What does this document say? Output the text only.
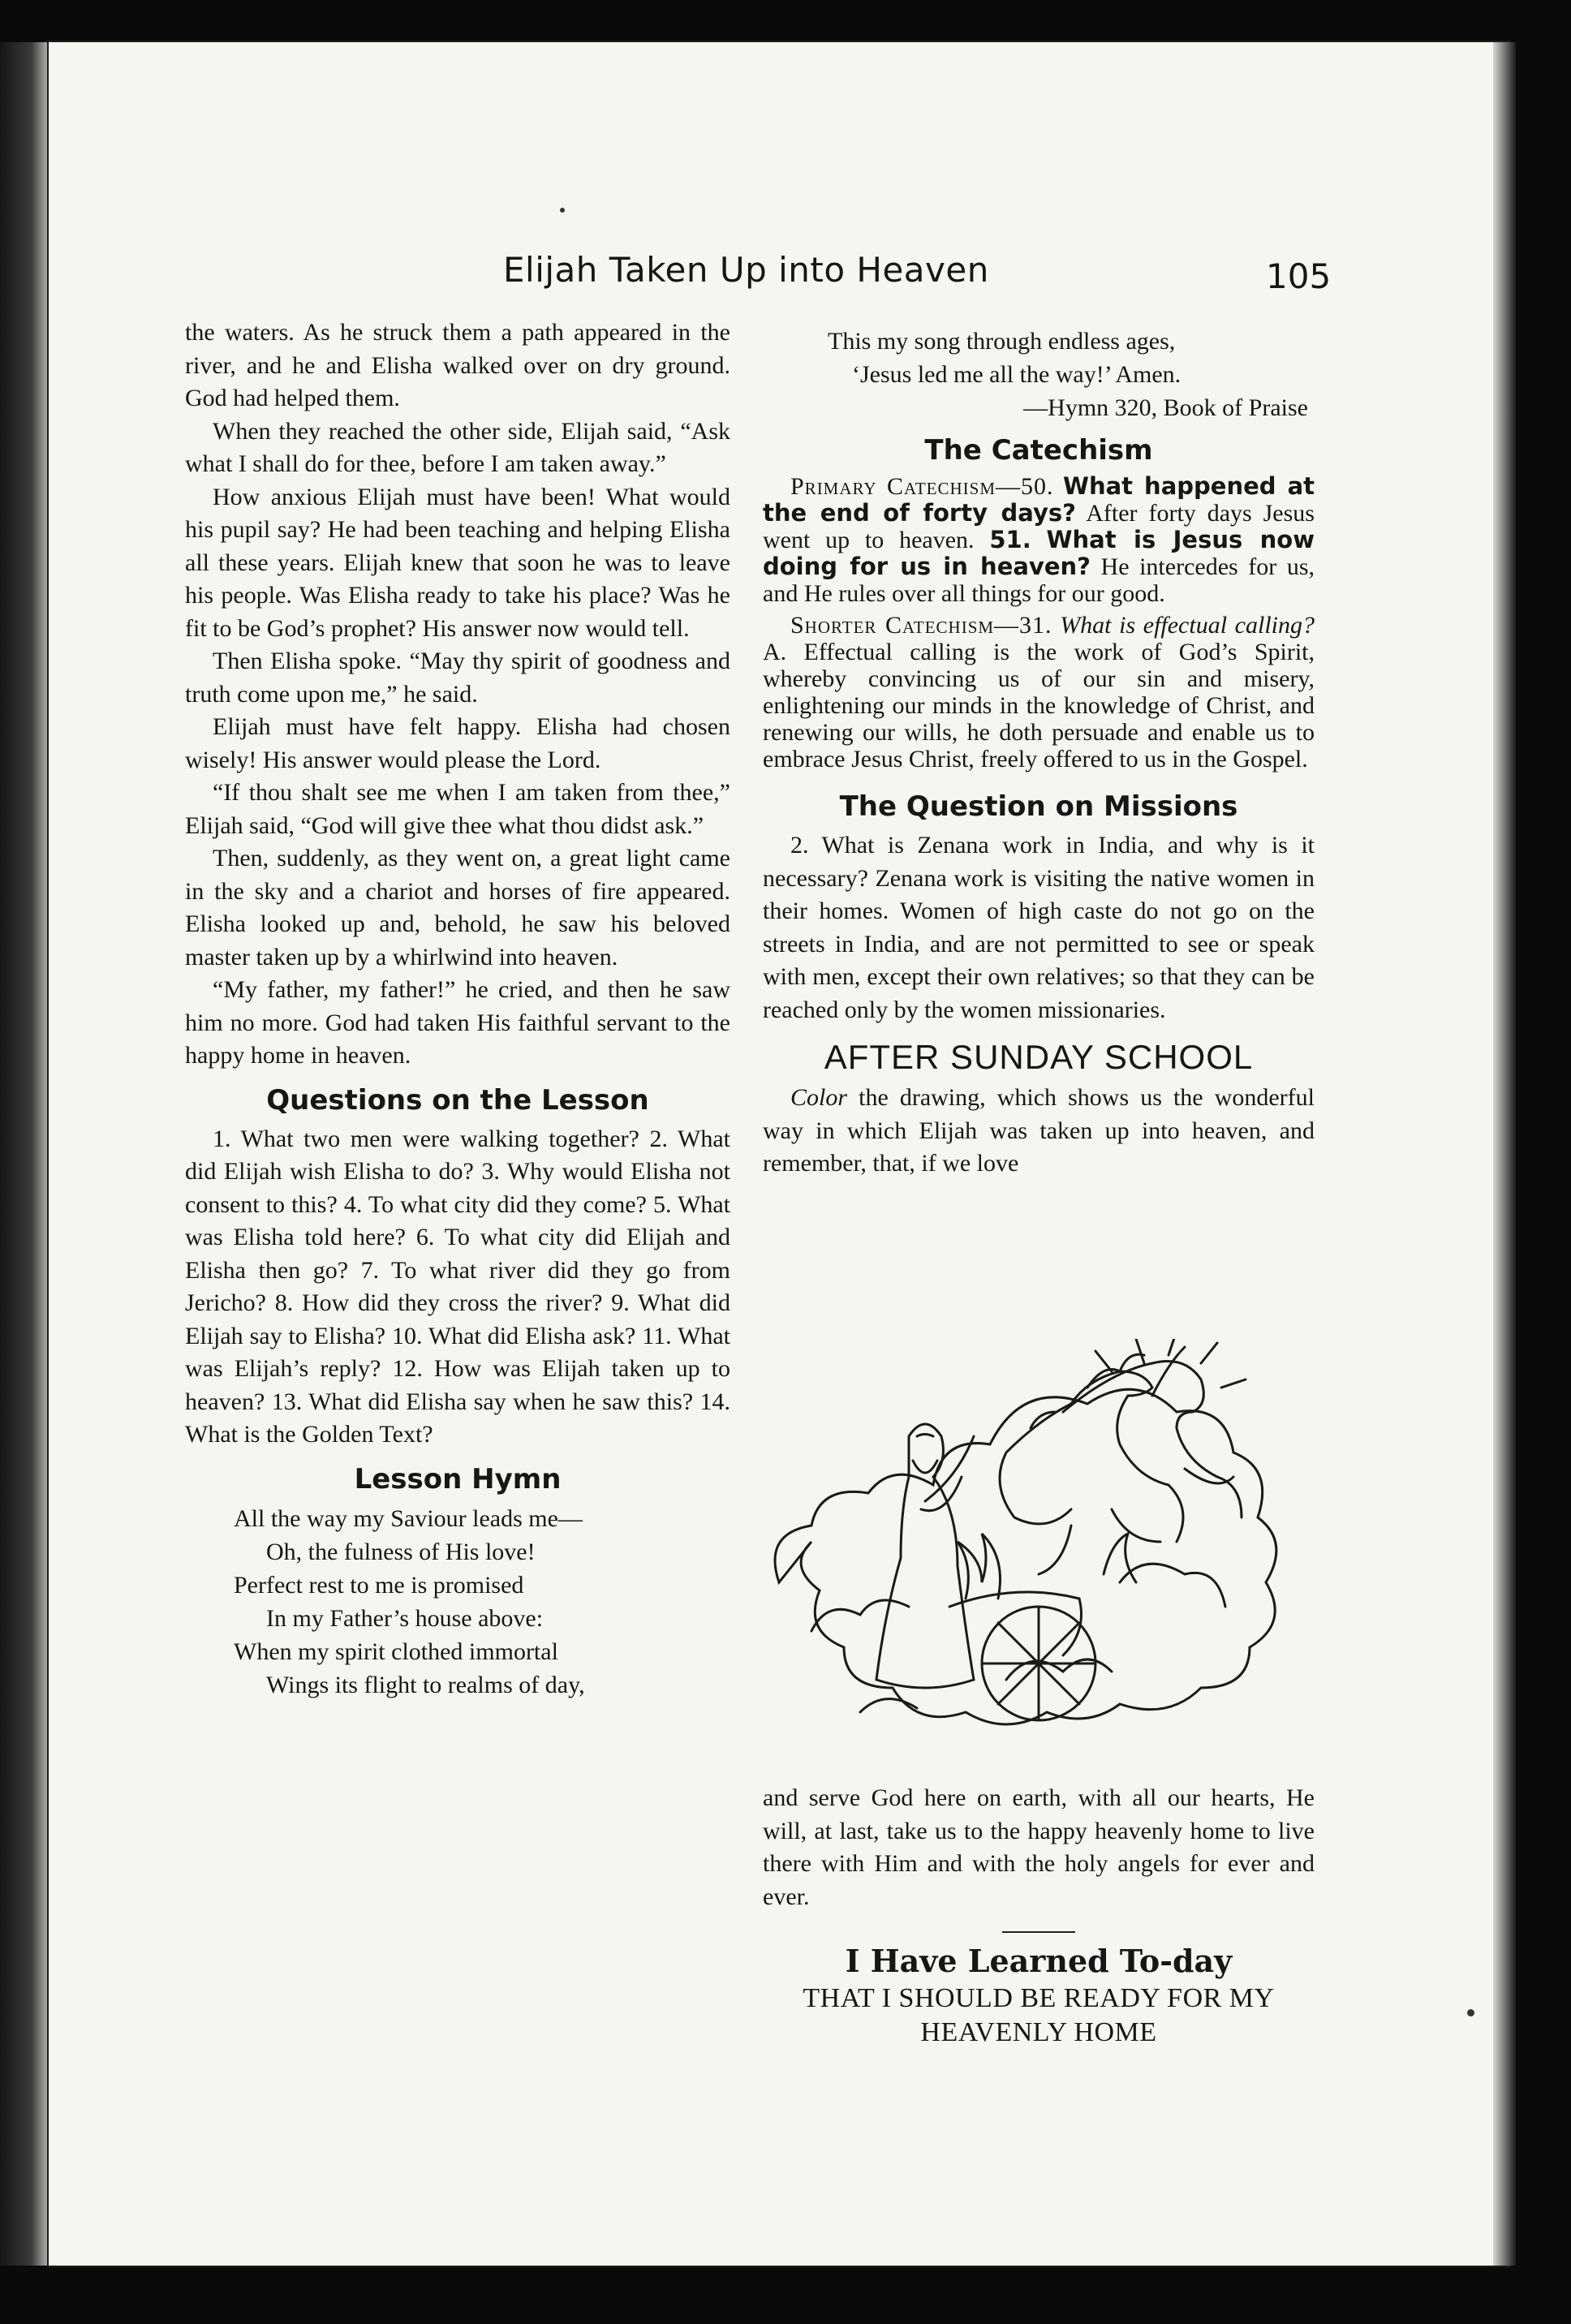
Elijah Taken Up into Heaven	105

the waters. As he struck them a path appeared in the river, and he and Elisha walked over on dry ground. God had helped them.

When they reached the other side, Elijah said, “Ask what I shall do for thee, before I am taken away.”

How anxious Elijah must have been! What would his pupil say? He had been teaching and helping Elisha all these years. Elijah knew that soon he was to leave his people. Was Elisha ready to take his place? Was he fit to be God’s prophet? His answer now would tell.

Then Elisha spoke. “May thy spirit of goodness and truth come upon me,” he said.

Elijah must have felt happy. Elisha had chosen wisely! His answer would please the Lord.

“If thou shalt see me when I am taken from thee,” Elijah said, “God will give thee what thou didst ask.”

Then, suddenly, as they went on, a great light came in the sky and a chariot and horses of fire appeared. Elisha looked up and, behold, he saw his beloved master taken up by a whirlwind into heaven.

“My father, my father!” he cried, and then he saw him no more. God had taken His faithful servant to the happy home in heaven.

Questions on the Lesson

1. What two men were walking together? 2. What did Elijah wish Elisha to do? 3. Why would Elisha not consent to this? 4. To what city did they come? 5. What was Elisha told here? 6. To what city did Elijah and Elisha then go? 7. To what river did they go from Jericho? 8. How did they cross the river? 9. What did Elijah say to Elisha? 10. What did Elisha ask? 11. What was Elijah’s reply? 12. How was Elijah taken up to heaven? 13. What did Elisha say when he saw this? 14. What is the Golden Text?

Lesson Hymn
All the way my Saviour leads me—
Oh, the fulness of His love!
Perfect rest to me is promised
In my Father’s house above:
When my spirit clothed immortal
Wings its flight to realms of day,
This my song through endless ages,
‘Jesus led me all the way!’ Amen.
—Hymn 320, Book of Praise
The Catechism

Primary Catechism—50. What happened at the end of forty days? After forty days Jesus went up to heaven. 51. What is Jesus now doing for us in heaven? He intercedes for us, and He rules over all things for our good.

Shorter Catechism—31. What is effectual calling? A. Effectual calling is the work of God’s Spirit, whereby convincing us of our sin and misery, enlightening our minds in the knowledge of Christ, and renewing our wills, he doth persuade and enable us to embrace Jesus Christ, freely offered to us in the Gospel.

The Question on Missions

2. What is Zenana work in India, and why is it necessary? Zenana work is visiting the native women in their homes. Women of high caste do not go on the streets in India, and are not permitted to see or speak with men, except their own relatives; so that they can be reached only by the women missionaries.

AFTER SUNDAY SCHOOL

Color the drawing, which shows us the wonderful way in which Elijah was taken up into heaven, and remember, that, if we love

and serve God here on earth, with all our hearts, He will, at last, take us to the happy heavenly home to live there with Him and with the holy angels for ever and ever.

I Have Learned To-day
THAT I SHOULD BE READY FOR MY HEAVENLY HOME
